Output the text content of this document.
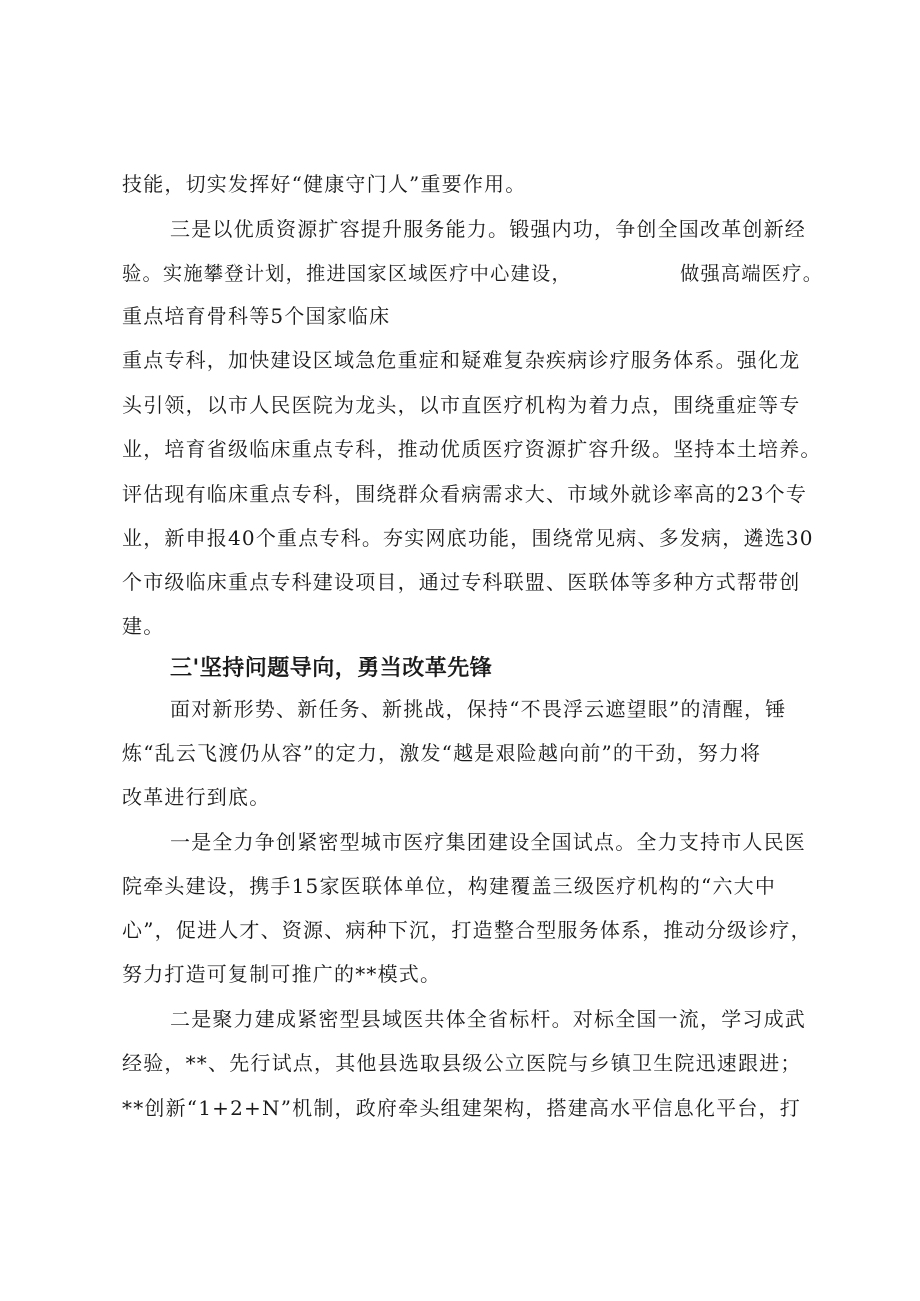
技能，切实发挥好“健康守门人”重要作用。
三是以优质资源扩容提升服务能力。锻强内功，争创全国改革创新经
验。实施攀登计划，推进国家区域医疗中心建设，	做强高端医疗。
重点培育骨科等5个国家临床
重点专科，加快建设区域急危重症和疑难复杂疾病诊疗服务体系。强化龙
头引领，以市人民医院为龙头，以市直医疗机构为着力点，围绕重症等专
业，培育省级临床重点专科，推动优质医疗资源扩容升级。坚持本土培养。
评估现有临床重点专科，围绕群众看病需求大、市域外就诊率高的23个专
业，新申报40个重点专科。夯实网底功能，围绕常见病、多发病，遴选30
个市级临床重点专科建设项目，通过专科联盟、医联体等多种方式帮带创
建。
三'坚持问题导向，勇当改革先锋
面对新形势、新任务、新挑战，保持“不畏浮云遮望眼”的清醒，锤
炼“乱云飞渡仍从容”的定力，激发“越是艰险越向前”的干劲，努力将
改革进行到底。
一是全力争创紧密型城市医疗集团建设全国试点。全力支持市人民医
院牵头建设，携手15家医联体单位，构建覆盖三级医疗机构的“六大中
心”，促进人才、资源、病种下沉，打造整合型服务体系，推动分级诊疗，
努力打造可复制可推广的**模式。
二是聚力建成紧密型县域医共体全省标杆。对标全国一流，学习成武
经验，**、先行试点，其他县选取县级公立医院与乡镇卫生院迅速跟进；
**创新“1+2+N”机制，政府牵头组建架构，搭建高水平信息化平台，打
